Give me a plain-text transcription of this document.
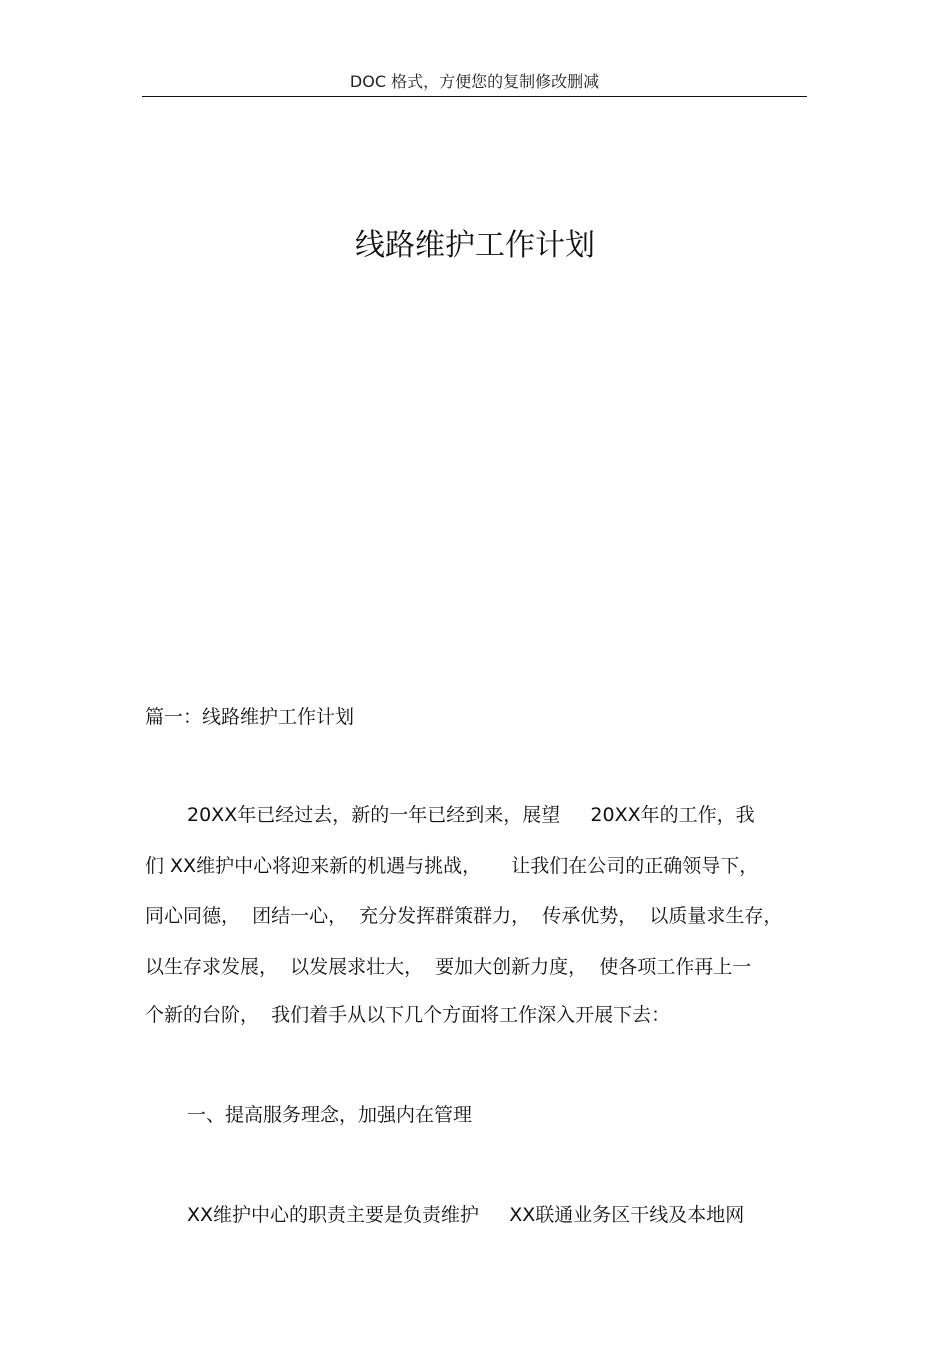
DOC 格式，方便您的复制修改删减
线路维护工作计划
篇一：线路维护工作计划
20XX年已经过去，新的一年已经到来，展望     20XX年的工作，我
们 XX维护中心将迎来新的机遇与挑战，     让我们在公司的正确领导下，
同心同德，  团结一心，  充分发挥群策群力，  传承优势，  以质量求生存，
以生存求发展，  以发展求壮大，  要加大创新力度，  使各项工作再上一
个新的台阶，  我们着手从以下几个方面将工作深入开展下去：
一、提高服务理念，加强内在管理
XX维护中心的职责主要是负责维护     XX联通业务区干线及本地网
